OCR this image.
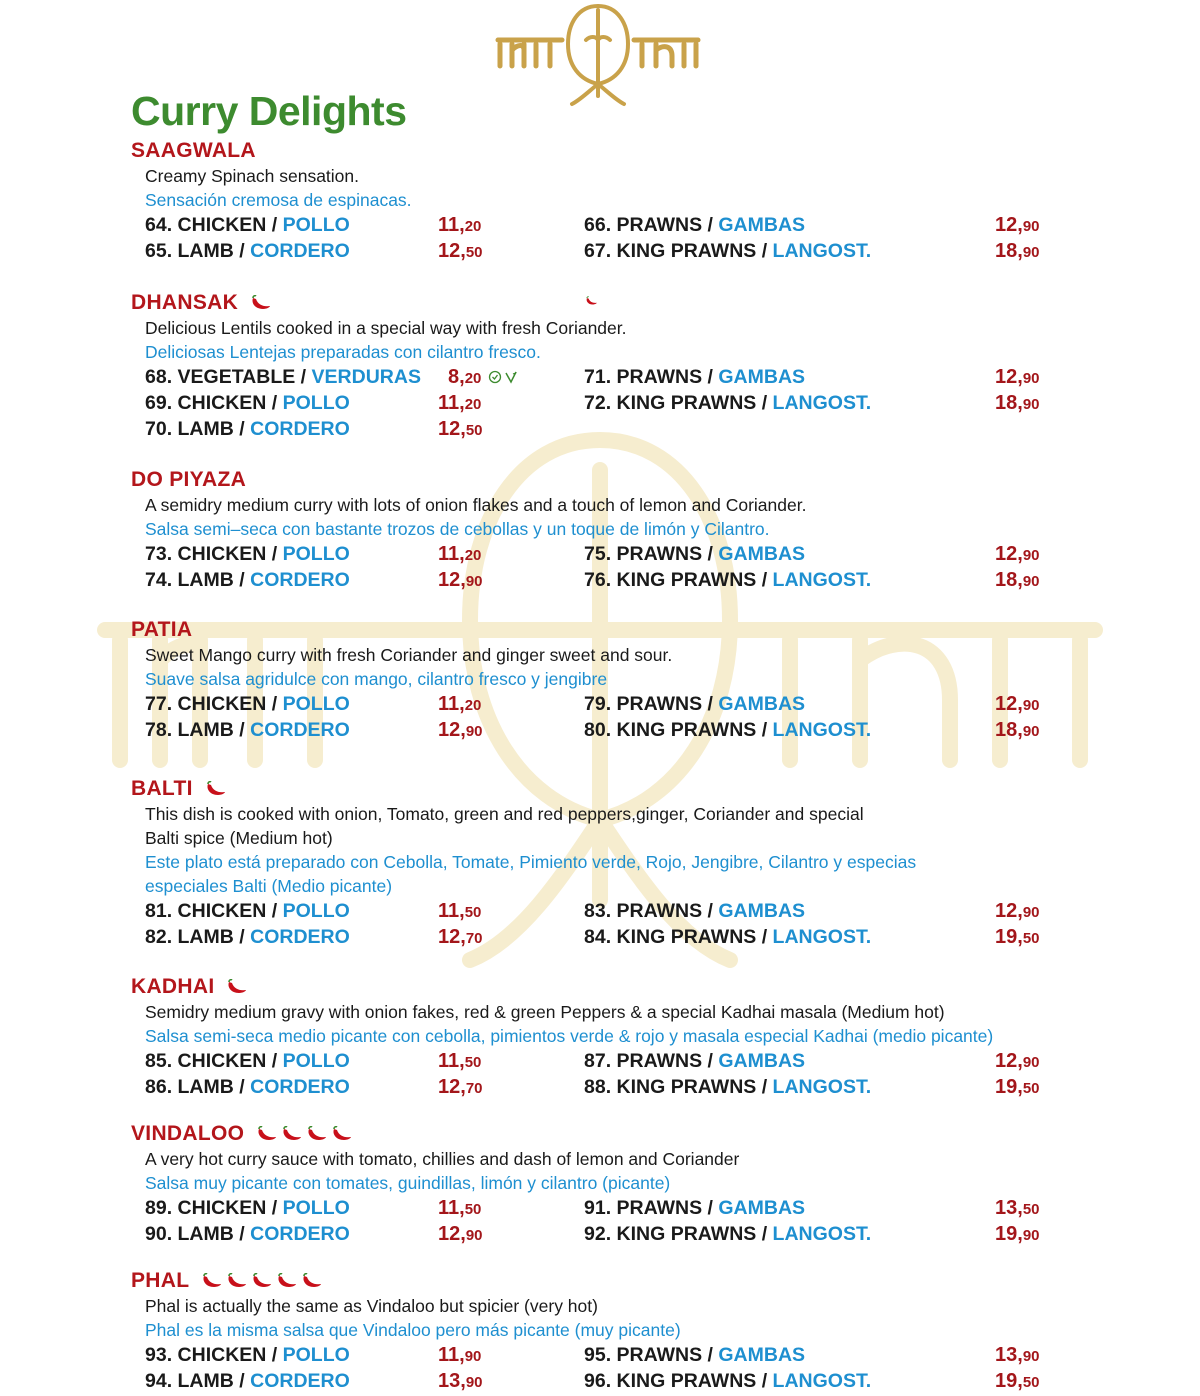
Curry Delights
SAAGWALA
Creamy Spinach sensation.
Sensación cremosa de espinacas.
64. CHICKEN / POLLO	11,20
65. LAMB / CORDERO	12,50
66. PRAWNS / GAMBAS	12,90
67. KING PRAWNS / LANGOST.	18,90
DHANSAK
Delicious Lentils cooked in a special way with fresh Coriander.
Deliciosas Lentejas preparadas con cilantro fresco.
68. VEGETABLE / VERDURAS 8,20
69. CHICKEN / POLLO	11,20
70. LAMB / CORDERO	12,50
71. PRAWNS / GAMBAS	12,90
72. KING PRAWNS / LANGOST.	18,90
DO PIYAZA
A semidry medium curry with lots of onion flakes and a touch of lemon and Coriander.
Salsa semi–seca con bastante trozos de cebollas y un toque de limón y Cilantro.
73. CHICKEN / POLLO	11,20
74. LAMB / CORDERO	12,90
75. PRAWNS / GAMBAS	12,90
76. KING PRAWNS / LANGOST.	18,90
PATIA
Sweet Mango curry with fresh Coriander and ginger sweet and sour.
Suave salsa agridulce con mango, cilantro fresco y jengibre
77. CHICKEN / POLLO	11,20
78. LAMB / CORDERO	12,90
79. PRAWNS / GAMBAS	12,90
80. KING PRAWNS / LANGOST.	18,90
BALTI
This dish is cooked with onion, Tomato, green and red peppers,ginger, Coriander and special
Balti spice (Medium hot)
Este plato está preparado con Cebolla, Tomate, Pimiento verde, Rojo, Jengibre, Cilantro y especias
especiales Balti (Medio picante)
81. CHICKEN / POLLO	11,50
82. LAMB / CORDERO	12,70
83. PRAWNS / GAMBAS	12,90
84. KING PRAWNS / LANGOST.	19,50
KADHAI
Semidry medium gravy with onion fakes, red & green Peppers & a special Kadhai masala (Medium hot)
Salsa semi-seca medio picante con cebolla, pimientos verde & rojo y masala especial Kadhai (medio picante)
85. CHICKEN / POLLO	11,50
86. LAMB / CORDERO	12,70
87. PRAWNS / GAMBAS	12,90
88. KING PRAWNS / LANGOST.	19,50
VINDALOO
A very hot curry sauce with tomato, chillies and dash of lemon and Coriander
Salsa muy picante con tomates, guindillas, limón y cilantro (picante)
89. CHICKEN / POLLO	11,50
90. LAMB / CORDERO	12,90
91. PRAWNS / GAMBAS	13,50
92. KING PRAWNS / LANGOST.	19,90
PHAL
Phal is actually the same as Vindaloo but spicier (very hot)
Phal es la misma salsa que Vindaloo pero más picante (muy picante)
93. CHICKEN / POLLO	11,90
94. LAMB / CORDERO	13,90
95. PRAWNS / GAMBAS	13,90
96. KING PRAWNS / LANGOST.	19,50
